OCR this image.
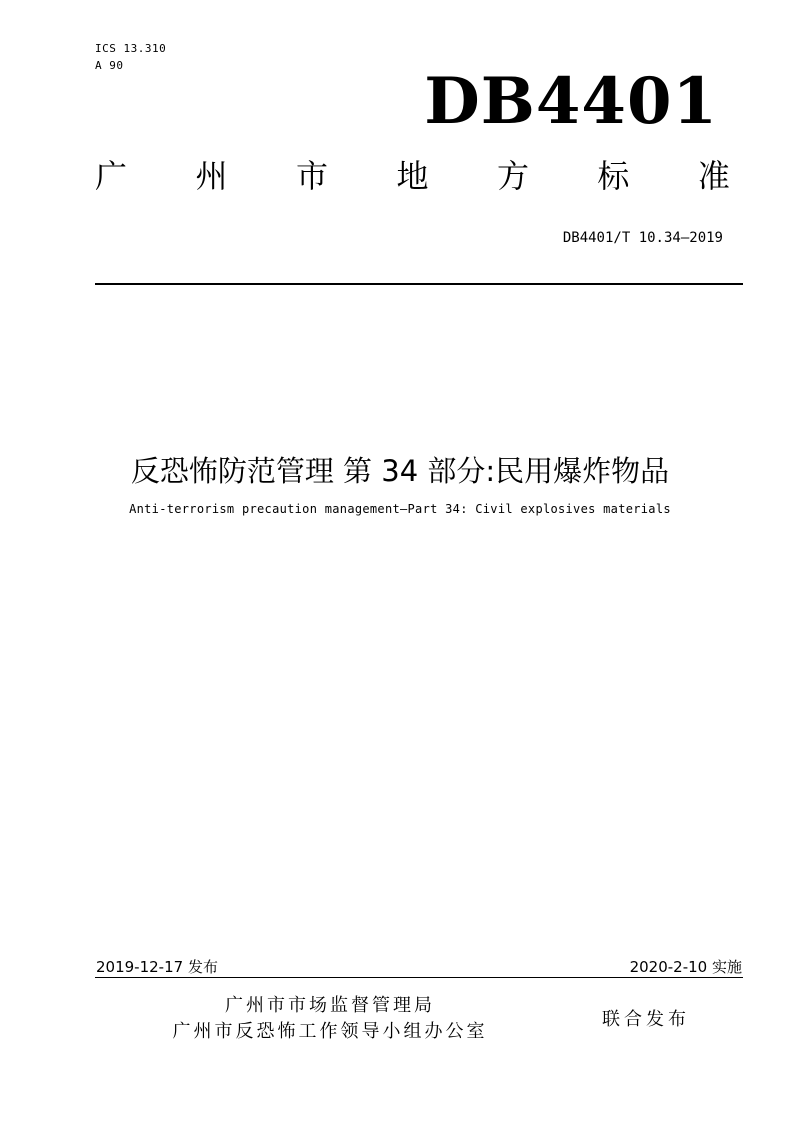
ICS 13.310
A 90	DB4401
广 州 市 地 方 标 准
DB4401/T 10.34—2019
反恐怖防范管理 第 34 部分:民用爆炸物品
Anti-terrorism precaution management—Part 34: Civil explosives materials
2019-12-17 发布	2020-2-10 实施
广州市市场监督管理局
广州市反恐怖工作领导小组办公室
联合发布
